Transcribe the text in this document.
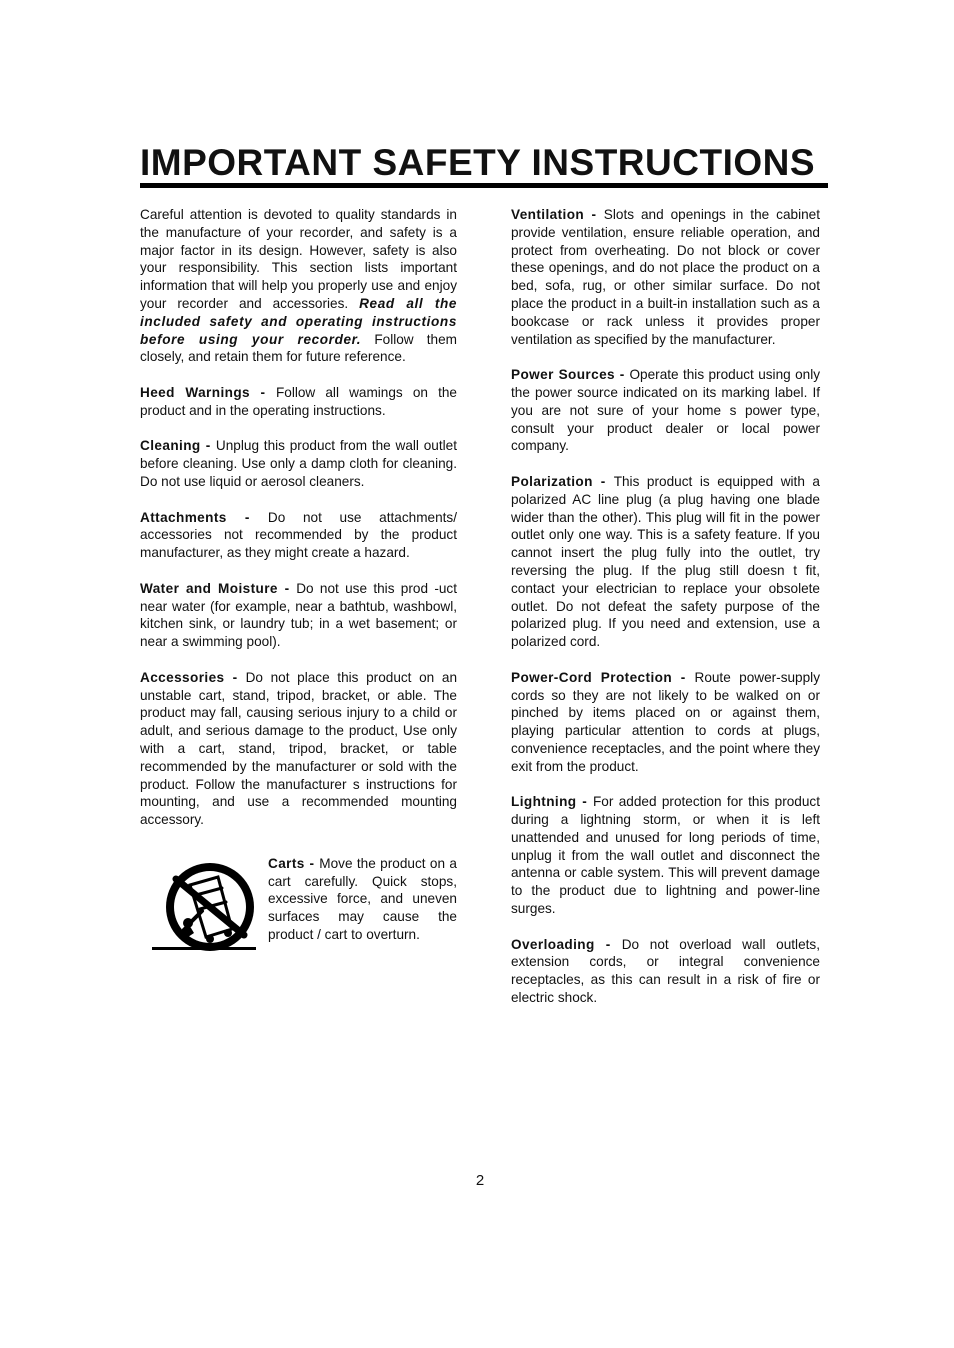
IMPORTANT SAFETY INSTRUCTIONS

Careful attention is devoted to quality standards in the manufacture of your recorder, and safety is a major factor in its design. However, safety is also your responsibility. This section lists important information that will help you properly use and enjoy your recorder and accessories. Read all the included safety and operating instructions before using your recorder. Follow them closely, and retain them for future reference.

Heed Warnings - Follow all wamings on the product and in the operating instructions.

Cleaning - Unplug this product from the wall outlet before cleaning. Use only a damp cloth for cleaning. Do not use liquid or aerosol cleaners.

Attachments - Do not use attachments/ accessories not recommended by the product manufacturer, as they might create a hazard.

Water and Moisture - Do not use this prod -uct near water (for example, near a bathtub, washbowl, kitchen sink, or laundry tub; in a wet basement; or near a swimming pool).

Accessories - Do not place this product on an unstable cart, stand, tripod, bracket, or able. The product may fall, causing serious injury to a child or adult, and serious damage to the product, Use only with a cart, stand, tripod, bracket, or table recommended by the manufacturer or sold with the product. Follow the manufacturer s instructions for mounting, and use a recommended mounting accessory.

Carts - Move the product on a cart carefully. Quick stops, excessive force, and uneven surfaces may cause the product / cart to overturn.

Ventilation - Slots and openings in the cabinet provide ventilation, ensure reliable operation, and protect from overheating. Do not block or cover these openings, and do not place the product on a bed, sofa, rug, or other similar surface. Do not place the product in a built-in installation such as a bookcase or rack unless it provides proper ventilation as specified by the manufacturer.

Power Sources - Operate this product using only the power source indicated on its marking label. If you are not sure of your home s power type, consult your product dealer or local power company.

Polarization - This product is equipped with a polarized AC line plug (a plug having one blade wider than the other). This plug will fit in the power outlet only one way. This is a safety feature. If you cannot insert the plug fully into the outlet, try reversing the plug. If the plug still doesn t fit, contact your electrician to replace your obsolete outlet. Do not defeat the safety purpose of the polarized plug. If you need and extension, use a polarized cord.

Power-Cord Protection - Route power-supply cords so they are not likely to be walked on or pinched by items placed on or against them, playing particular attention to cords at plugs, convenience receptacles, and the point where they exit from the product.

Lightning - For added protection for this product during a lightning storm, or when it is left unattended and unused for long periods of time, unplug it from the wall outlet and disconnect the antenna or cable system. This will prevent damage to the product due to lightning and power-line surges.

Overloading - Do not overload wall outlets, extension cords, or integral convenience receptacles, as this can result in a risk of fire or electric shock.

2
